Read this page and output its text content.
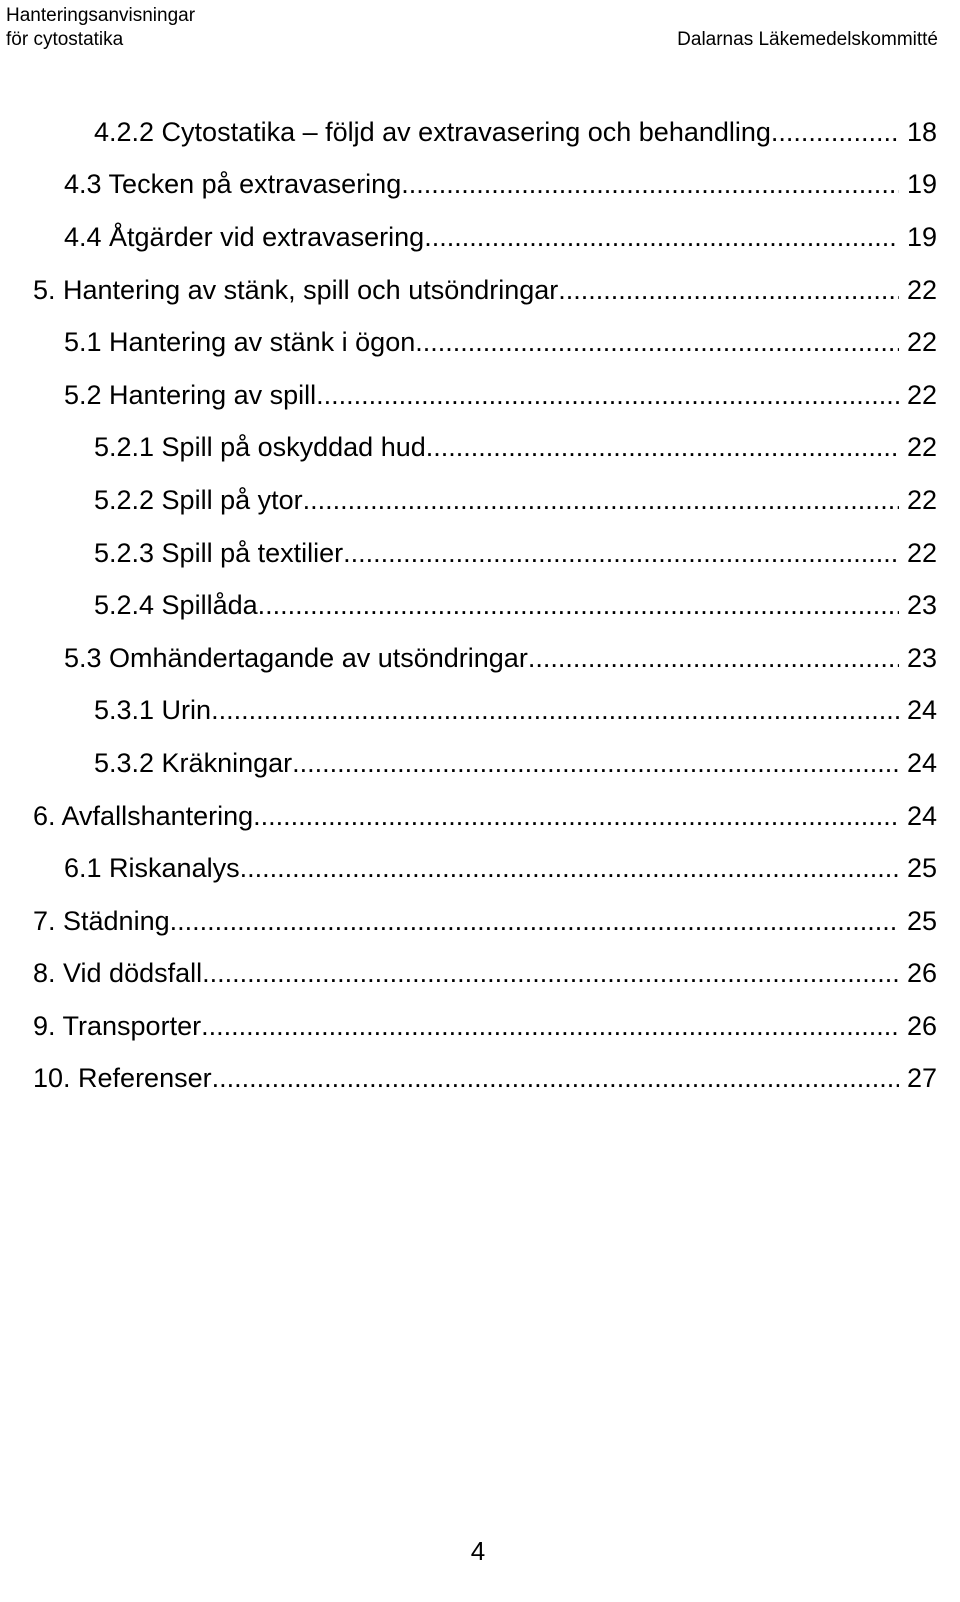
Hanteringsanvisningar
för cytostatika	Dalarnas Läkemedelskommitté
4.2.2 Cytostatika – följd av extravasering och behandling .....	18
4.3 Tecken på extravasering .....	19
4.4 Åtgärder vid extravasering .....	19
5. Hantering av stänk, spill och utsöndringar .....	22
5.1 Hantering av stänk i ögon .....	22
5.2 Hantering av spill .....	22
5.2.1 Spill på oskyddad hud .....	22
5.2.2 Spill på ytor .....	22
5.2.3 Spill på textilier .....	22
5.2.4 Spillåda .....	23
5.3 Omhändertagande av utsöndringar .....	23
5.3.1 Urin .....	24
5.3.2 Kräkningar .....	24
6. Avfallshantering .....	24
6.1 Riskanalys .....	25
7. Städning .....	25
8. Vid dödsfall .....	26
9. Transporter .....	26
10. Referenser .....	27
4
